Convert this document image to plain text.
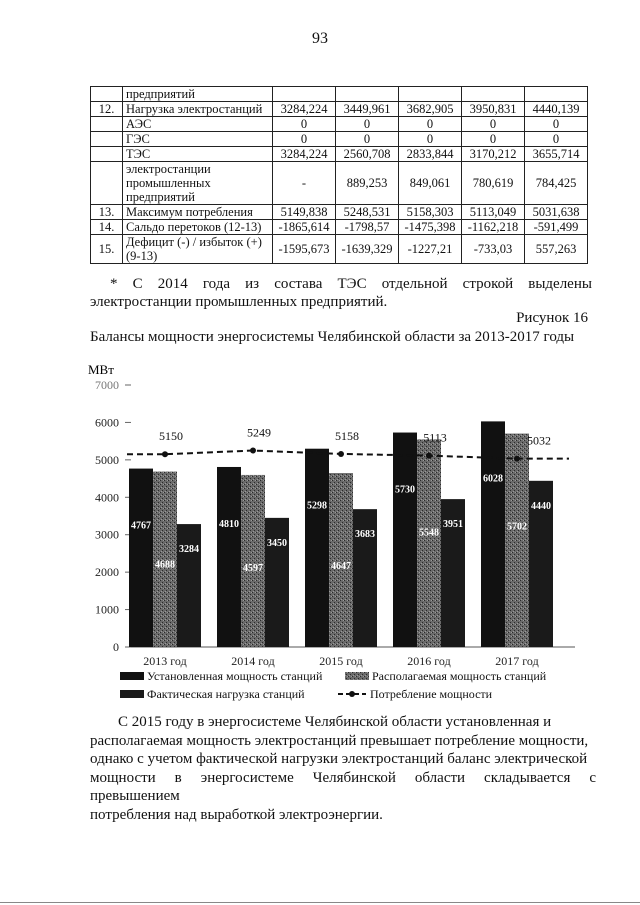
93
	предприятий					
12.	Нагрузка электростанций	3284,224	3449,961	3682,905	3950,831	4440,139
	АЭС	0	0	0	0	0
	ГЭС	0	0	0	0	0
	ТЭС	3284,224	2560,708	2833,844	3170,212	3655,714
	электростанции промышленных предприятий	-	889,253	849,061	780,619	784,425
13.	Максимум потребления	5149,838	5248,531	5158,303	5113,049	5031,638
14.	Сальдо перетоков (12-13)	-1865,614	-1798,57	-1475,398	-1162,218	-591,499
15.	Дефицит (-) / избыток (+) (9-13)	-1595,673	-1639,329	-1227,21	-733,03	557,263
* С 2014 года из состава ТЭС отдельной строкой выделены
электростанции промышленных предприятий.
Рисунок 16
Балансы мощности энергосистемы Челябинской области за 2013-2017 годы
МВт
0
1000
2000
3000
4000
5000
6000
7000
4767
4688
3284
4810
4597
3450
5298
4647
3683
5730
5548
3951
6028
5702
4440
5150	5249	5158	5113	5032
2013 год	2014 год	2015 год	2016 год	2017 год
Установленная мощность станций	Располагаемая мощность станций
Фактическая нагрузка станций	Потребление мощности

С 2015 году в энергосистеме Челябинской области установленная и
располагаемая мощность электростанций превышает потребление мощности,
однако с учетом фактической нагрузки электростанций баланс электрической
мощности в энергосистеме Челябинской области складывается с превышением
потребления над выработкой электроэнергии.
